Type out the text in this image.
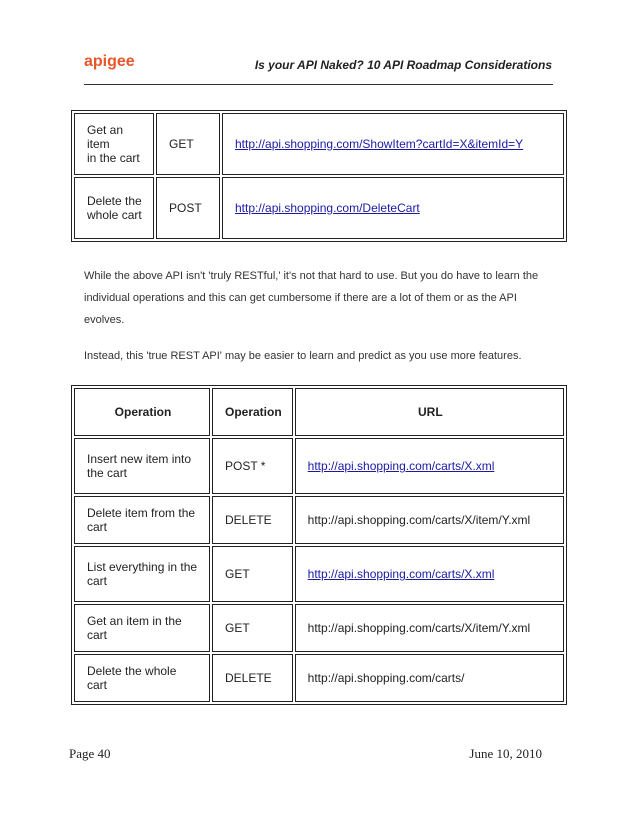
apigee	Is your API Naked? 10 API Roadmap Considerations
Get an item
in the cart	GET	http://api.shopping.com/ShowItem?cartId=X&itemId=Y
Delete the
whole cart	POST	http://api.shopping.com/DeleteCart
While the above API isn't 'truly RESTful,' it's not that hard to use. But you do have to learn the individual operations and this can get cumbersome if there are a lot of them or as the API evolves.
Instead, this 'true REST API' may be easier to learn and predict as you use more features.
Operation	Operation	URL
Insert new item into the cart	POST *	http://api.shopping.com/carts/X.xml
Delete item from the cart	DELETE	http://api.shopping.com/carts/X/item/Y.xml
List everything in the cart	GET	http://api.shopping.com/carts/X.xml
Get an item in the cart	GET	http://api.shopping.com/carts/X/item/Y.xml
Delete the whole cart	DELETE	http://api.shopping.com/carts/
Page 40	June 10, 2010
